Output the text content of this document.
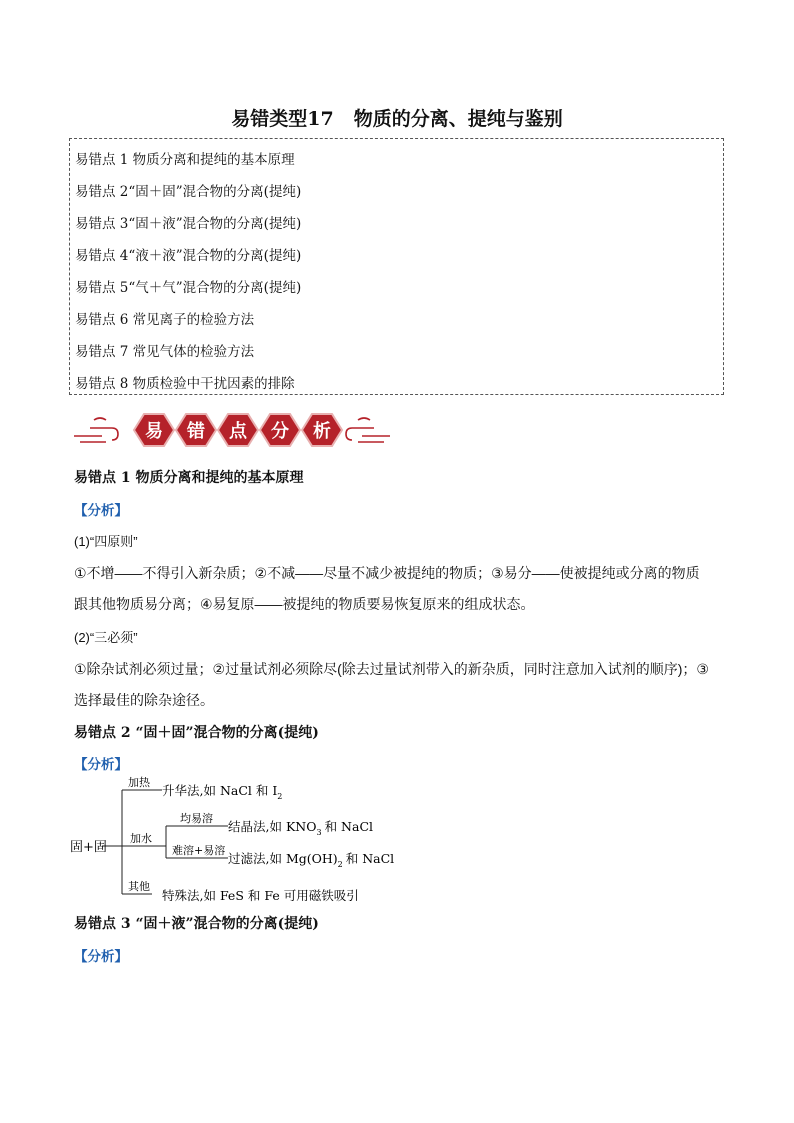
易错类型17 物质的分离、提纯与鉴别
易错点 1 物质分离和提纯的基本原理
易错点 2“固＋固”混合物的分离(提纯)
易错点 3“固＋液”混合物的分离(提纯)
易错点 4“液＋液”混合物的分离(提纯)
易错点 5“气＋气”混合物的分离(提纯)
易错点 6 常见离子的检验方法
易错点 7 常见气体的检验方法
易错点 8 物质检验中干扰因素的排除
易 错 点 分 析
易错点 1 物质分离和提纯的基本原理
【分析】
(1)“四原则”
①不增——不得引入新杂质；②不减——尽量不减少被提纯的物质；③易分——使被提纯或分离的物质
跟其他物质易分离；④易复原——被提纯的物质要易恢复原来的组成状态。
(2)“三必须”
①除杂试剂必须过量；②过量试剂必须除尽(除去过量试剂带入的新杂质，同时注意加入试剂的顺序)；③
选择最佳的除杂途径。
易错点 2 “固＋固”混合物的分离(提纯)
【分析】
固+固
加热
升华法,如 NaCl 和 $I_2$
加水
均易溶
结晶法,如 $KNO_3$ 和 NaCl
难溶+易溶
过滤法,如 $Mg(OH)_2$ 和 NaCl
其他
特殊法,如 FeS 和 Fe 可用磁铁吸引
易错点 3 “固＋液”混合物的分离(提纯)
【分析】
